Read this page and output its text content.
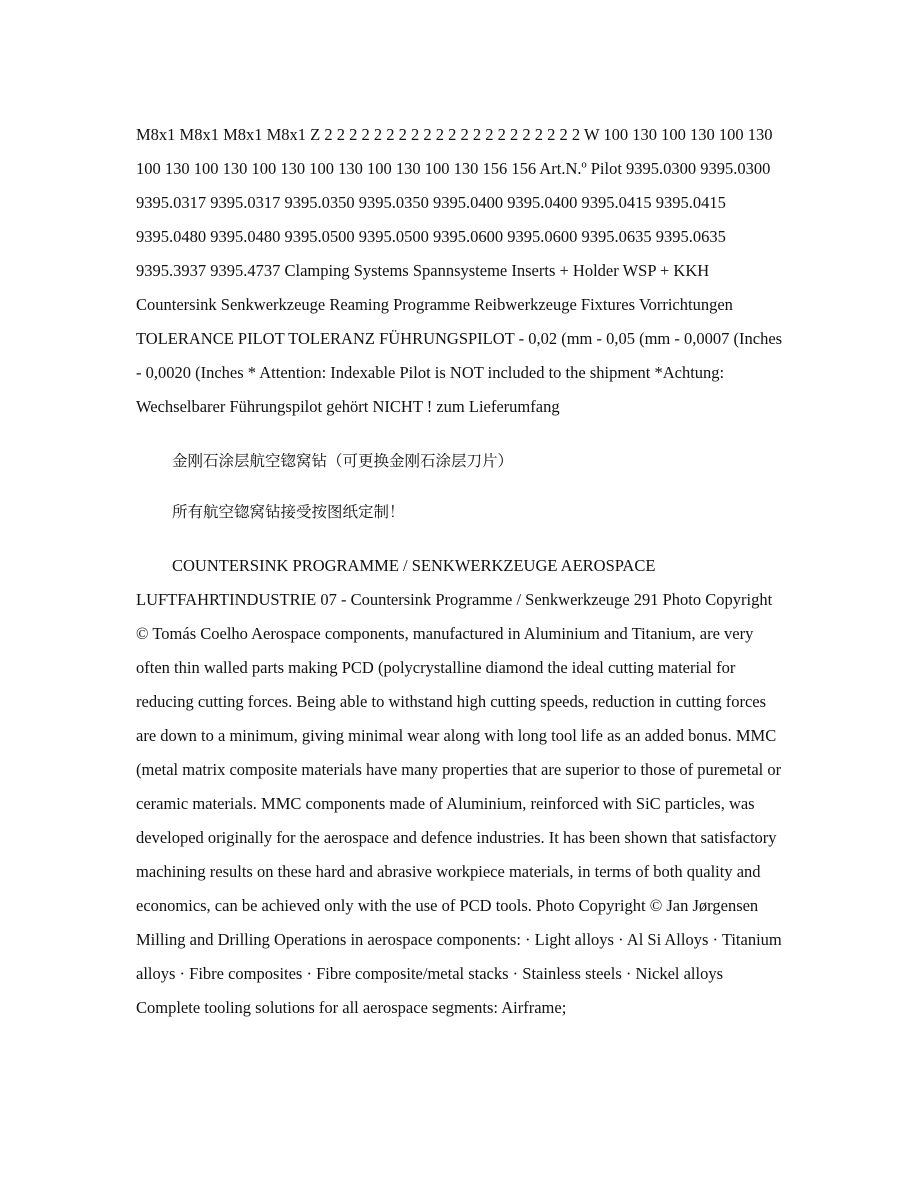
M8x1 M8x1 M8x1 M8x1 Z 2 2 2 2 2 2 2 2 2 2 2 2 2 2 2 2 2 2 2 2 2 W 100 130 100 130 100 130 100 130 100 130 100 130 100 130 100 130 100 130 156 156 Art.N.º Pilot 9395.0300 9395.0300 9395.0317 9395.0317 9395.0350 9395.0350 9395.0400 9395.0400 9395.0415 9395.0415 9395.0480 9395.0480 9395.0500 9395.0500 9395.0600 9395.0600 9395.0635 9395.0635 9395.3937 9395.4737 Clamping Systems Spannsysteme Inserts + Holder WSP + KKH Countersink Senkwerkzeuge Reaming Programme Reibwerkzeuge Fixtures Vorrichtungen TOLERANCE PILOT TOLERANZ FÜHRUNGSPILOT - 0,02 (mm - 0,05 (mm - 0,0007 (Inches - 0,0020 (Inches * Attention: Indexable Pilot is NOT included to the shipment *Achtung: Wechselbarer Führungspilot gehört NICHT ! zum Lieferumfang

金刚石涂层航空锪窝钻（可更换金刚石涂层刀片）

所有航空锪窝钻接受按图纸定制！

COUNTERSINK PROGRAMME / SENKWERKZEUGE AEROSPACE LUFTFAHRTINDUSTRIE 07 - Countersink Programme / Senkwerkzeuge 291 Photo Copyright © Tomás Coelho Aerospace components, manufactured in Aluminium and Titanium, are very often thin walled parts making PCD (polycrystalline diamond the ideal cutting material for reducing cutting forces. Being able to withstand high cutting speeds, reduction in cutting forces are down to a minimum, giving minimal wear along with long tool life as an added bonus. MMC (metal matrix composite materials have many properties that are superior to those of puremetal or ceramic materials. MMC components made of Aluminium, reinforced with SiC particles, was developed originally for the aerospace and defence industries. It has been shown that satisfactory machining results on these hard and abrasive workpiece materials, in terms of both quality and economics, can be achieved only with the use of PCD tools. Photo Copyright © Jan Jørgensen Milling and Drilling Operations in aerospace components: · Light alloys · Al Si Alloys · Titanium alloys · Fibre composites · Fibre composite/metal stacks · Stainless steels · Nickel alloys Complete tooling solutions for all aerospace segments: Airframe;
